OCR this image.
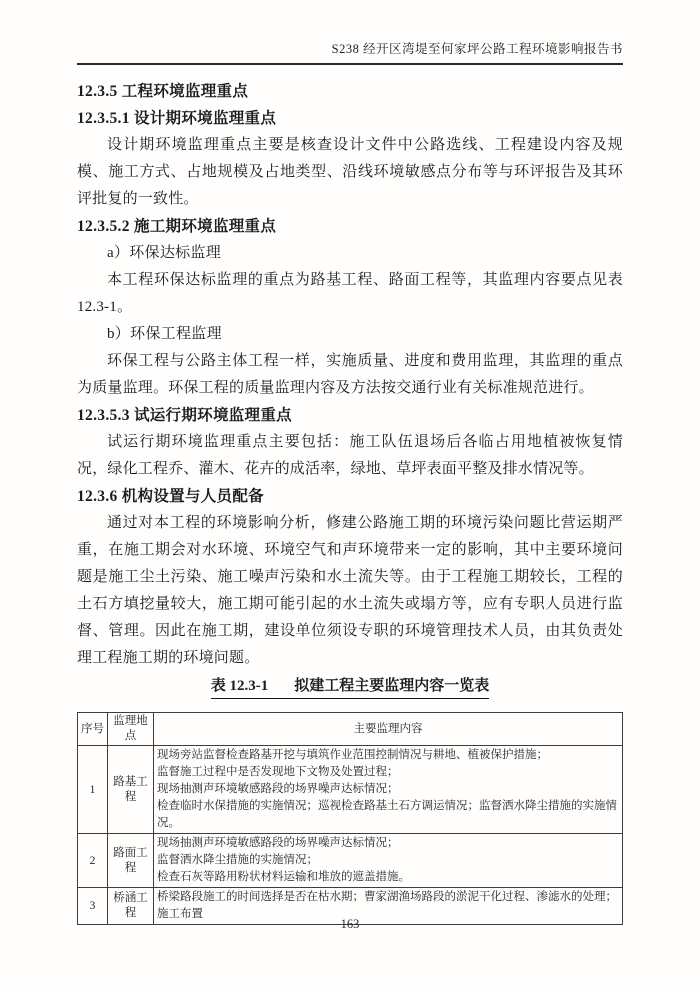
S238 经开区湾堤至何家坪公路工程环境影响报告书
12.3.5 工程环境监理重点
12.3.5.1 设计期环境监理重点
设计期环境监理重点主要是核查设计文件中公路选线、工程建设内容及规模、施工方式、占地规模及占地类型、沿线环境敏感点分布等与环评报告及其环评批复的一致性。
12.3.5.2 施工期环境监理重点
a）环保达标监理
本工程环保达标监理的重点为路基工程、路面工程等，其监理内容要点见表12.3-1。
b）环保工程监理
环保工程与公路主体工程一样，实施质量、进度和费用监理，其监理的重点为质量监理。环保工程的质量监理内容及方法按交通行业有关标准规范进行。
12.3.5.3 试运行期环境监理重点
试运行期环境监理重点主要包括：施工队伍退场后各临占用地植被恢复情况，绿化工程乔、灌木、花卉的成活率，绿地、草坪表面平整及排水情况等。
12.3.6 机构设置与人员配备
通过对本工程的环境影响分析，修建公路施工期的环境污染问题比营运期严重，在施工期会对水环境、环境空气和声环境带来一定的影响，其中主要环境问题是施工尘土污染、施工噪声污染和水土流失等。由于工程施工期较长，工程的土石方填挖量较大，施工期可能引起的水土流失或塌方等，应有专职人员进行监督、管理。因此在施工期，建设单位须设专职的环境管理技术人员，由其负责处理工程施工期的环境问题。
表 12.3-1 拟建工程主要监理内容一览表
序号	监理地点	主要监理内容
1	路基工程	现场旁站监督检查路基开挖与填筑作业范围控制情况与耕地、植被保护措施；
监督施工过程中是否发现地下文物及处置过程；
现场抽测声环境敏感路段的场界噪声达标情况；
检查临时水保措施的实施情况；巡视检查路基土石方调运情况；监督洒水降尘措施的实施情况。

2	路面工程	现场抽测声环境敏感路段的场界噪声达标情况；
监督洒水降尘措施的实施情况；
检查石灰等路用粉状材料运输和堆放的遮盖措施。

3	桥涵工程	桥梁路段施工的时间选择是否在枯水期；曹家湖渔场路段的淤泥干化过程、渗滤水的处理；施工布置
163
